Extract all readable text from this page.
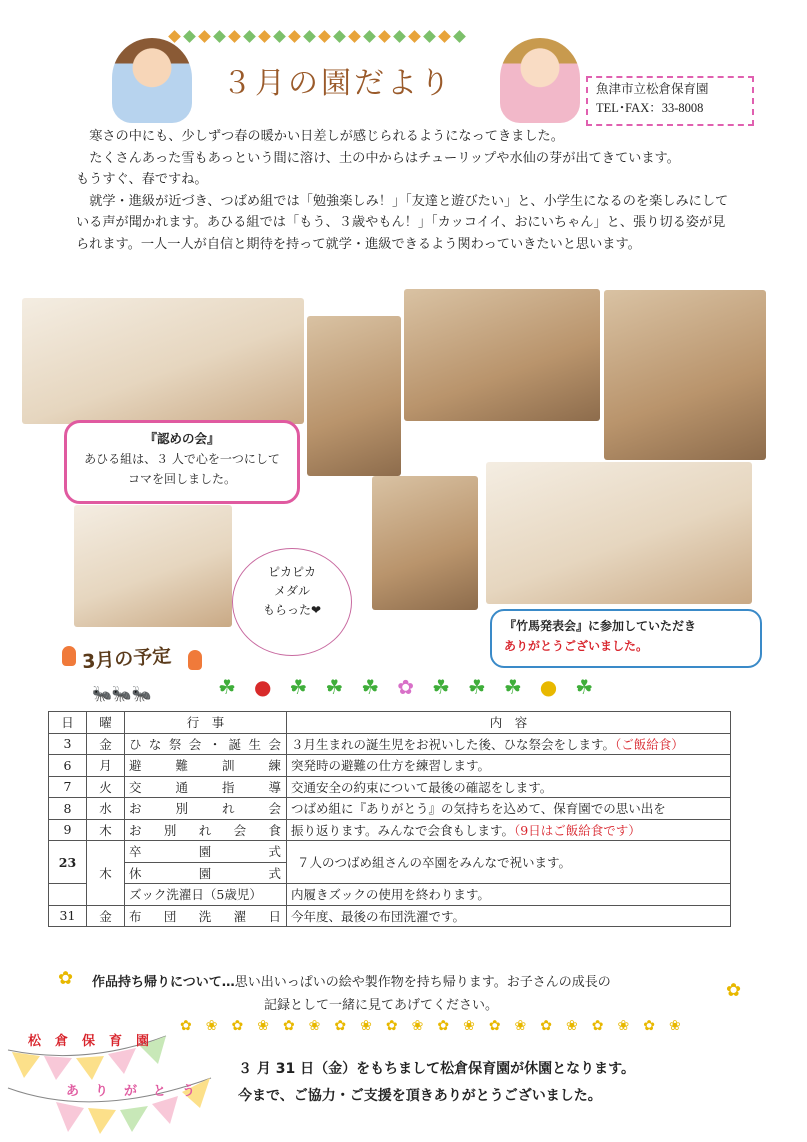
３月の園だより	魚津市立松倉保育園
TEL･FAX：33-8008

寒さの中にも、少しずつ春の暖かい日差しが感じられるようになってきました。

たくさんあった雪もあっという間に溶け、土の中からはチューリップや水仙の芽が出てきています。

もうすぐ、春ですね。

就学・進級が近づき、つばめ組では「勉強楽しみ！」「友達と遊びたい」と、小学生になるのを楽しみにしている声が聞かれます。あひる組では「もう、３歳やもん！」「カッコイイ、おにいちゃん」と、張り切る姿が見られます。一人一人が自信と期待を持って就学・進級できるよう関わっていきたいと思います。

『認めの会』
あひる組は、３ 人で心を一つにして
コマを回しました。
ピカピカ
メダル
もらった❤
『竹馬発表会』に参加していただき
ありがとうございました。
3月の予定
🐜🐜🐜	☘ ● ☘ ☘ ☘ ✿ ☘ ☘ ☘ ● ☘
日	曜	行　事	内　容
3	金	ひな祭会・誕生会	３月生まれの誕生児をお祝いした後、ひな祭会をします。（ご飯給食）
6	月	避難訓練	突発時の避難の仕方を練習します。
7	火	交通指導	交通安全の約束について最後の確認をします。
8	水	お別れ会	つばめ組に『ありがとう』の気持ちを込めて、保育園での思い出を
9	木	お別れ会食	振り返ります。みんなで会食もします。（9日はご飯給食です）
23	木	卒園式	７人のつばめ組さんの卒園をみんなで祝います。
		休園式	
		ズック洗濯日（5歳児）	内履きズックの使用を終わります。
31	金	布団洗濯日	今年度、最後の布団洗濯です。
✿
✿
作品持ち帰りについて…思い出いっぱいの絵や製作物を持ち帰ります。お子さんの成長の
記録として一緒に見てあげてください。
✿ ❀ ✿ ❀ ✿ ❀ ✿ ❀ ✿ ❀ ✿ ❀ ✿ ❀ ✿ ❀ ✿ ❀ ✿ ❀
松倉保育園
ありがとう
３ 月 31 日（金）をもちまして松倉保育園が休園となります。
今まで、ご協力・ご支援を頂きありがとうございました。
